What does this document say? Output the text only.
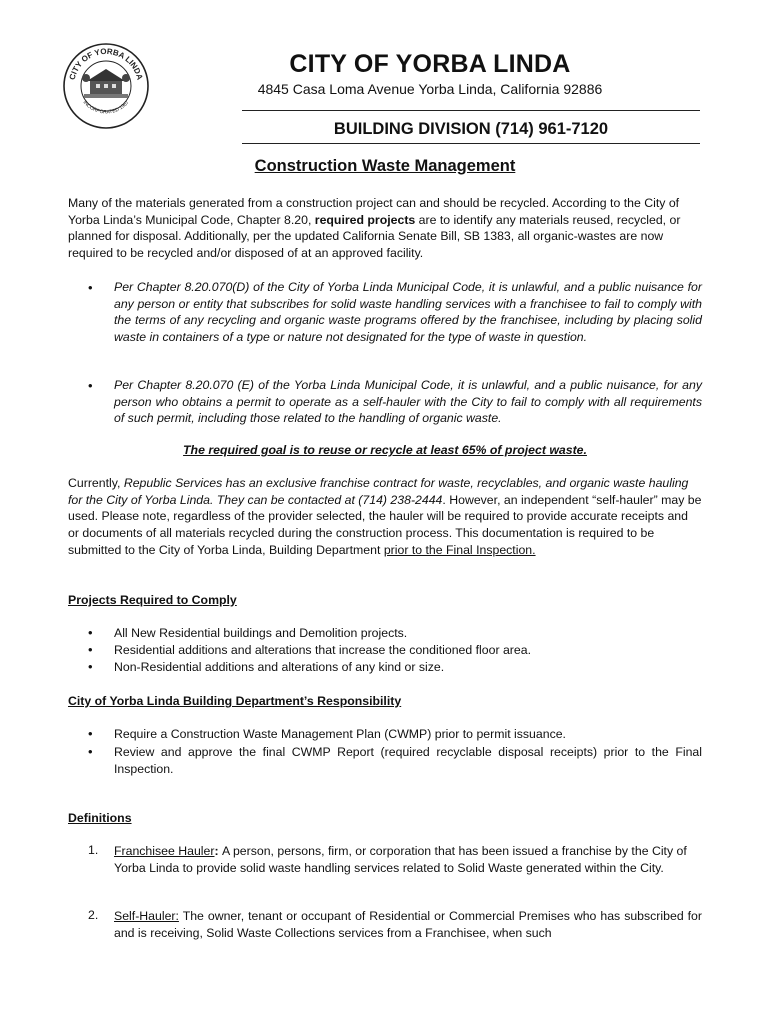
CITY OF YORBA LINDA
INCORPORATED 1967
CITY OF YORBA LINDA
4845 Casa Loma Avenue Yorba Linda, California 92886
BUILDING DIVISION (714) 961-7120
Construction Waste Management
Many of the materials generated from a construction project can and should be recycled. According to the City of Yorba Linda’s Municipal Code, Chapter 8.20, required projects are to identify any materials reused, recycled, or planned for disposal. Additionally, per the updated California Senate Bill, SB 1383, all organic-wastes are now required to be recycled and/or disposed of at an approved facility.
• Per Chapter 8.20.070(D) of the City of Yorba Linda Municipal Code, it is unlawful, and a public nuisance for any person or entity that subscribes for solid waste handling services with a franchisee to fail to comply with the terms of any recycling and organic waste programs offered by the franchisee, including by placing solid waste in containers of a type or nature not designated for the type of waste in question.
• Per Chapter 8.20.070 (E) of the Yorba Linda Municipal Code, it is unlawful, and a public nuisance, for any person who obtains a permit to operate as a self-hauler with the City to fail to comply with all requirements of such permit, including those related to the handling of organic waste.
The required goal is to reuse or recycle at least 65% of project waste.
Currently, Republic Services has an exclusive franchise contract for waste, recyclables, and organic waste hauling for the City of Yorba Linda. They can be contacted at (714) 238-2444. However, an independent “self-hauler” may be used. Please note, regardless of the provider selected, the hauler will be required to provide accurate receipts and or documents of all materials recycled during the construction process. This documentation is required to be submitted to the City of Yorba Linda, Building Department prior to the Final Inspection.
Projects Required to Comply
• All New Residential buildings and Demolition projects.
• Residential additions and alterations that increase the conditioned floor area.
• Non-Residential additions and alterations of any kind or size.
City of Yorba Linda Building Department’s Responsibility
• Require a Construction Waste Management Plan (CWMP) prior to permit issuance.
• Review and approve the final CWMP Report (required recyclable disposal receipts) prior to the Final Inspection.
Definitions
1. Franchisee Hauler: A person, persons, firm, or corporation that has been issued a franchise by the City of Yorba Linda to provide solid waste handling services related to Solid Waste generated within the City.
2. Self-Hauler: The owner, tenant or occupant of Residential or Commercial Premises who has subscribed for and is receiving, Solid Waste Collections services from a Franchisee, when such
